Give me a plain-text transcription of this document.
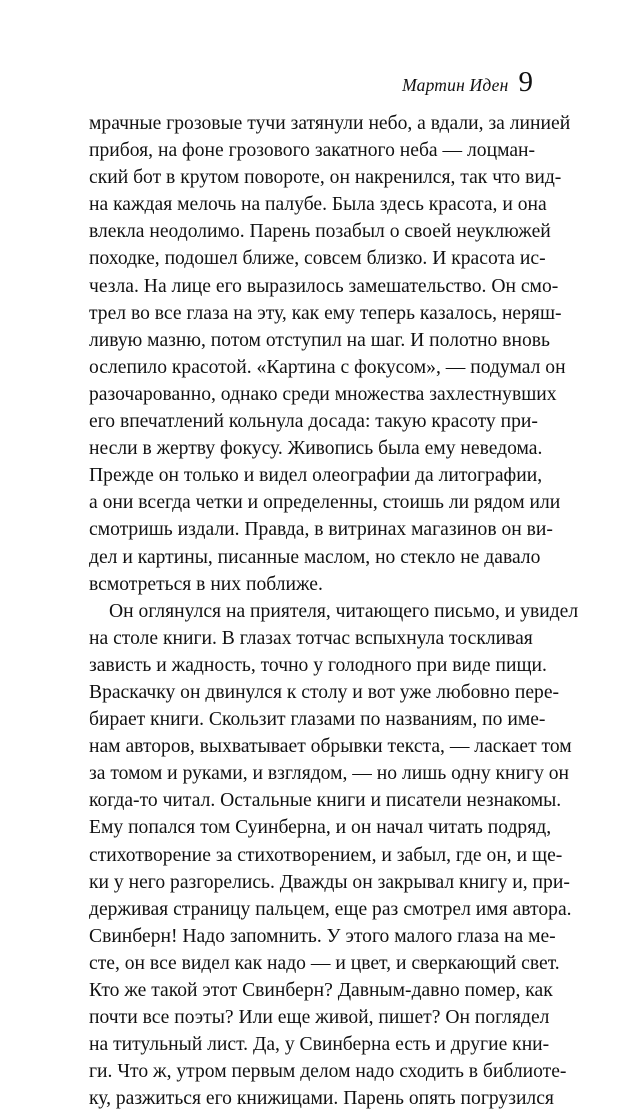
Мартин Иден 9
мрачные грозовые тучи затянули небо, а вдали, за линией
прибоя, на фоне грозового закатного неба — лоцман-
ский бот в крутом повороте, он накренился, так что вид-
на каждая мелочь на палубе. Была здесь красота, и она
влекла неодолимо. Парень позабыл о своей неуклюжей
походке, подошел ближе, совсем близко. И красота ис-
чезла. На лице его выразилось замешательство. Он смо-
трел во все глаза на эту, как ему теперь казалось, неряш-
ливую мазню, потом отступил на шаг. И полотно вновь
ослепило красотой. «Картина с фокусом», — подумал он
разочарованно, однако среди множества захлестнувших
его впечатлений кольнула досада: такую красоту при-
несли в жертву фокусу. Живопись была ему неведома.
Прежде он только и видел олеографии да литографии,
а они всегда четки и определенны, стоишь ли рядом или
смотришь издали. Правда, в витринах магазинов он ви-
дел и картины, писанные маслом, но стекло не давало
всмотреться в них поближе.
Он оглянулся на приятеля, читающего письмо, и увидел
на столе книги. В глазах тотчас вспыхнула тоскливая
зависть и жадность, точно у голодного при виде пищи.
Враскачку он двинулся к столу и вот уже любовно пере-
бирает книги. Скользит глазами по названиям, по име-
нам авторов, выхватывает обрывки текста, — ласкает том
за томом и руками, и взглядом, — но лишь одну книгу он
когда-то читал. Остальные книги и писатели незнакомы.
Ему попался том Суинберна, и он начал читать подряд,
стихотворение за стихотворением, и забыл, где он, и ще-
ки у него разгорелись. Дважды он закрывал книгу и, при-
держивая страницу пальцем, еще раз смотрел имя автора.
Свинберн! Надо запомнить. У этого малого глаза на ме-
сте, он все видел как надо — и цвет, и сверкающий свет.
Кто же такой этот Свинберн? Давным-давно помер, как
почти все поэты? Или еще живой, пишет? Он поглядел
на титульный лист. Да, у Свинберна есть и другие кни-
ги. Что ж, утром первым делом надо сходить в библиоте-
ку, разжиться его книжицами. Парень опять погрузился
